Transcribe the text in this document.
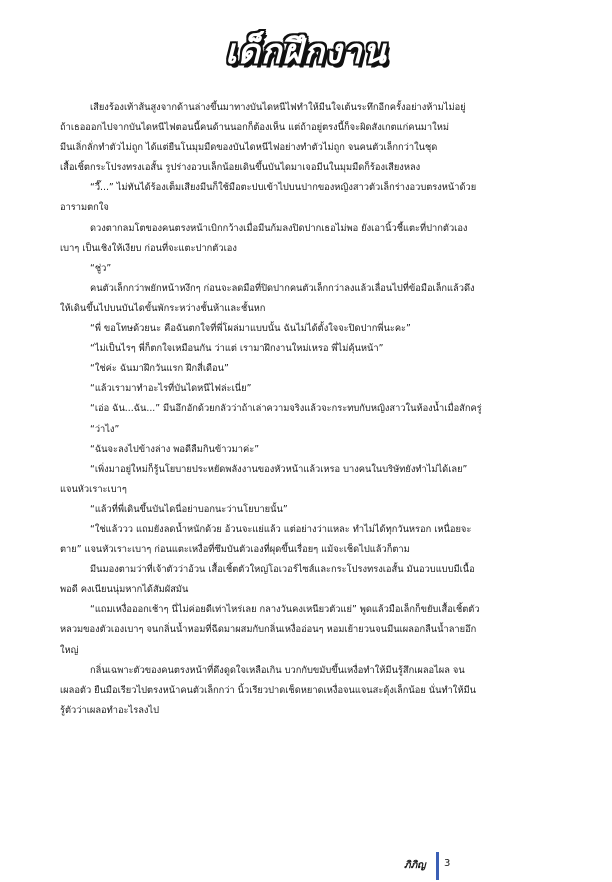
เด็กฝึกงาน
เสียงร้องเท้าส้นสูงจากด้านล่างขึ้นมาทางบันไดหนีไฟทำให้มีนใจเต้นระทึกอีกครั้งอย่างห้ามไม่อยู่
ถ้าเธอออกไปจากบันไดหนีไฟตอนนี้คนด้านนอกก็ต้องเห็น แต่ถ้าอยู่ตรงนี้ก็จะผิดสังเกตแก่คนมาใหม่
มีนเลิ่กลั่กทำตัวไม่ถูก ได้แต่ยืนโนมุมมืดของบันไดหนีไฟอย่างทำตัวไม่ถูก จนคนตัวเล็กกว่าในชุด
เสื้อเชิ้ตกระโปรงทรงเอสั้น รูปร่างอวบเล็กน้อยเดินขึ้นบันไดมาเจอมีนในมุมมืดก็ร้องเสียงหลง
“วี๊...” ไม่ทันได้ร้องเต็มเสียงมีนก็ใช้มือตะปบเข้าไปบนปากของหญิงสาวตัวเล็กร่างอวบตรงหน้าด้วย
อารามตกใจ
ดวงตากลมโตของคนตรงหน้าเบิกกว้างเมื่อมีนก้มลงปิดปากเธอไม่พอ ยังเอานิ้วชี้แตะที่ปากตัวเอง
เบาๆ เป็นเชิงให้เงียบ ก่อนที่จะแตะปากตัวเอง
“ชู่ว”
คนตัวเล็กกว่าพยักหน้าหงึกๆ ก่อนจะลดมือที่ปิดปากคนตัวเล็กกว่าลงแล้วเลื่อนไปที่ข้อมือเล็กแล้วดึง
ให้เดินขึ้นไปบนบันไดขั้นพักระหว่างชั้นห้าและชั้นหก
“พี่ ขอโทษด้วยนะ คือฉันตกใจที่พี่โผล่มาแบบนั้น ฉันไม่ได้ตั้งใจจะปิดปากพี่นะคะ”
“ไม่เป็นไรๆ พี่ก็ตกใจเหมือนกัน ว่าแต่ เรามาฝึกงานใหม่เหรอ พี่ไม่คุ้นหน้า”
“ใช่ค่ะ ฉันมาฝึกวันแรก ฝึกสี่เดือน”
“แล้วเรามาทำอะไรที่บันไดหนีไฟล่ะเนี่ย”
“เอ่อ ฉัน...ฉัน...” มีนอึกอักด้วยกลัวว่าถ้าเล่าความจริงแล้วจะกระทบกับหญิงสาวในห้องน้ำเมื่อสักครู่
“ว่าไง”
“ฉันจะลงไปข้างล่าง พอดีลืมกินข้าวมาค่ะ”
“เพิ่งมาอยู่ใหม่ก็รู้นโยบายประหยัดพลังงานของหัวหน้าแล้วเหรอ บางคนในบริษัทยังทำไม่ได้เลย”
แจนหัวเราะเบาๆ
“แล้วที่พี่เดินขึ้นบันไดนี่อย่าบอกนะว่านโยบายนั้น”
“ใช่แล้ววว แถมยังลดน้ำหนักด้วย อ้วนจะแย่แล้ว แต่อย่างว่าแหละ ทำไม่ได้ทุกวันหรอก เหนื่อยจะ
ตาย” แจนหัวเราะเบาๆ ก่อนแตะเหงื่อที่ซึมบันตัวเองที่ผุดขึ้นเรื่อยๆ แม้จะเช็ดไปแล้วก็ตาม
มีนมองตามว่าที่เจ้าตัวว่าอ้วน เสื้อเชิ้ตตัวใหญ่โอเวอร์ไซส์และกระโปรงทรงเอสั้น มันอวบแบบมีเนื้อ
พอดี คงเนียนนุ่มหากได้สัมผัสมัน
“แถมเหงื่อออกเช้าๆ นี่ไม่ค่อยดีเท่าไหร่เลย กลางวันคงเหนียวตัวแย่” พูดแล้วมือเล็กก็ขยับเสื้อเชิ้ตตัว
หลวมของตัวเองเบาๆ จนกลิ่นน้ำหอมที่ฉีดมาผสมกับกลิ่นเหงื่ออ่อนๆ หอมเย้ายวนจนมีนเผลอกลืนน้ำลายอึก
ใหญ่
กลิ่นเฉพาะตัวของคนตรงหน้าที่ดึงดูดใจเหลือเกิน บวกกับขมับขึ้นเหงื่อทำให้มีนรู้สึกเผลอไผล จน
เผลอตัว ยืนมือเรียวไปตรงหน้าคนตัวเล็กกว่า นิ้วเรียวปาดเช็ดหยาดเหงื่อจนแจนสะดุ้งเล็กน้อย นั่นทำให้มีน
รู้ตัวว่าเผลอทำอะไรลงไป
ภิภิญ 3
